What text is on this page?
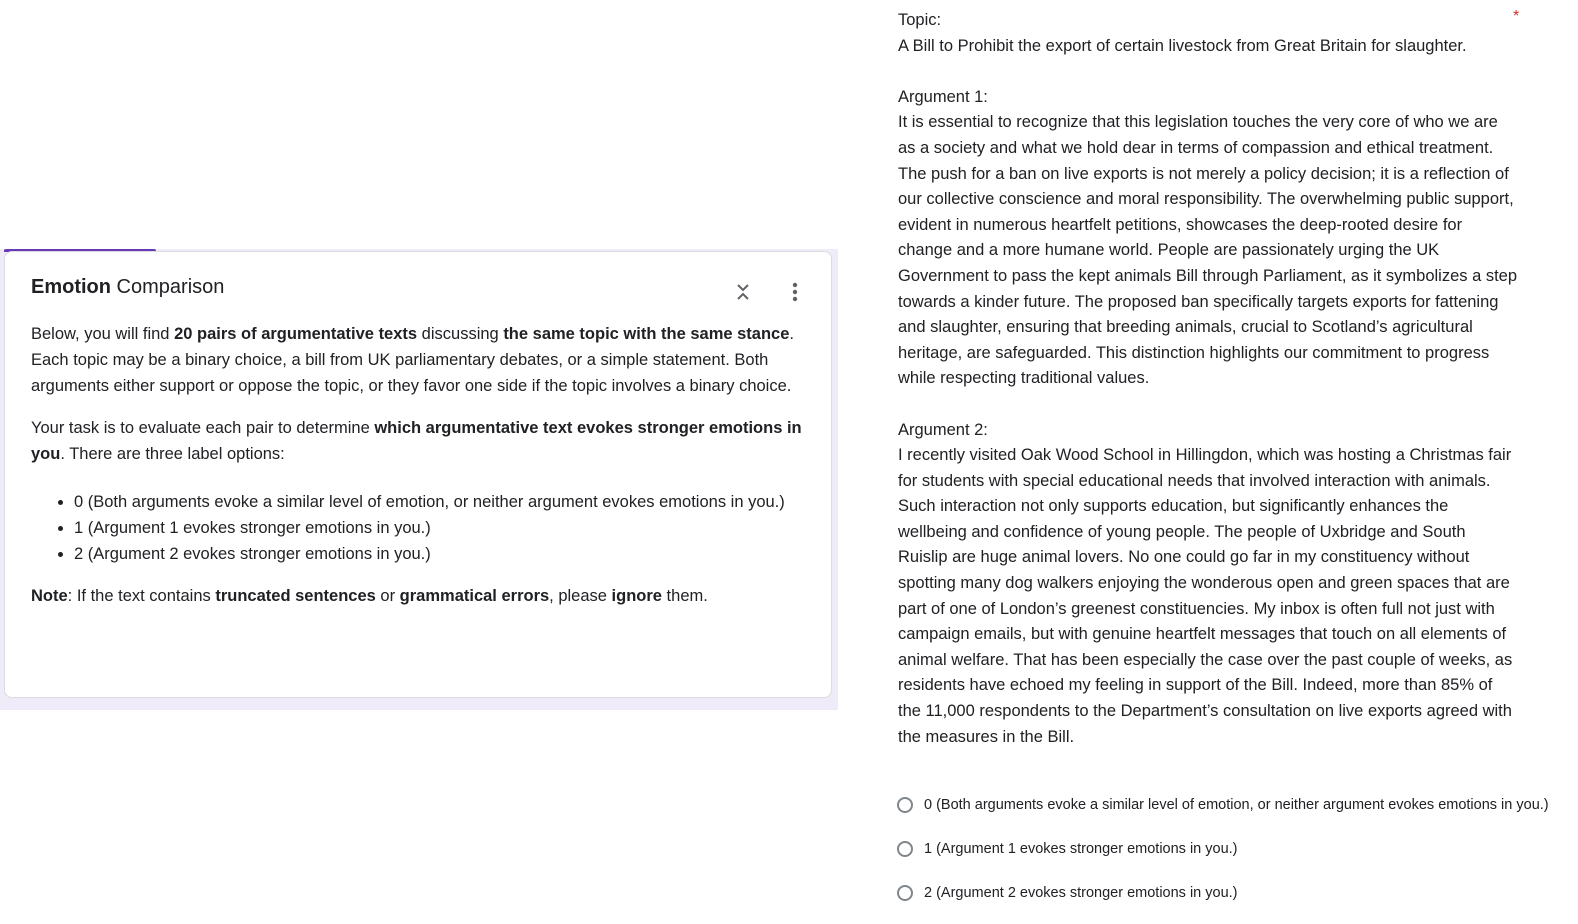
Emotion Comparison

Below, you will find 20 pairs of argumentative texts discussing the same topic with the same stance. Each topic may be a binary choice, a bill from UK parliamentary debates, or a simple statement. Both arguments either support or oppose the topic, or they favor one side if the topic involves a binary choice.

Your task is to evaluate each pair to determine which argumentative text evokes stronger emotions in you. There are three label options:

• 0 (Both arguments evoke a similar level of emotion, or neither argument evokes emotions in you.)
• 1 (Argument 1 evokes stronger emotions in you.)
• 2 (Argument 2 evokes stronger emotions in you.)

Note: If the text contains truncated sentences or grammatical errors, please ignore them.

Topic:

A Bill to Prohibit the export of certain livestock from Great Britain for slaughter.

Argument 1:

It is essential to recognize that this legislation touches the very core of who we are as a society and what we hold dear in terms of compassion and ethical treatment. The push for a ban on live exports is not merely a policy decision; it is a reflection of our collective conscience and moral responsibility. The overwhelming public support, evident in numerous heartfelt petitions, showcases the deep-rooted desire for change and a more humane world. People are passionately urging the UK Government to pass the kept animals Bill through Parliament, as it symbolizes a step towards a kinder future. The proposed ban specifically targets exports for fattening and slaughter, ensuring that breeding animals, crucial to Scotland’s agricultural heritage, are safeguarded. This distinction highlights our commitment to progress while respecting traditional values.

Argument 2:

I recently visited Oak Wood School in Hillingdon, which was hosting a Christmas fair for students with special educational needs that involved interaction with animals. Such interaction not only supports education, but significantly enhances the wellbeing and confidence of young people. The people of Uxbridge and South Ruislip are huge animal lovers. No one could go far in my constituency without spotting many dog walkers enjoying the wonderous open and green spaces that are part of one of London’s greenest constituencies. My inbox is often full not just with campaign emails, but with genuine heartfelt messages that touch on all elements of animal welfare. That has been especially the case over the past couple of weeks, as residents have echoed my feeling in support of the Bill. Indeed, more than 85% of the 11,000 respondents to the Department’s consultation on live exports agreed with the measures in the Bill.

*
0 (Both arguments evoke a similar level of emotion, or neither argument evokes emotions in you.)
1 (Argument 1 evokes stronger emotions in you.)
2 (Argument 2 evokes stronger emotions in you.)
